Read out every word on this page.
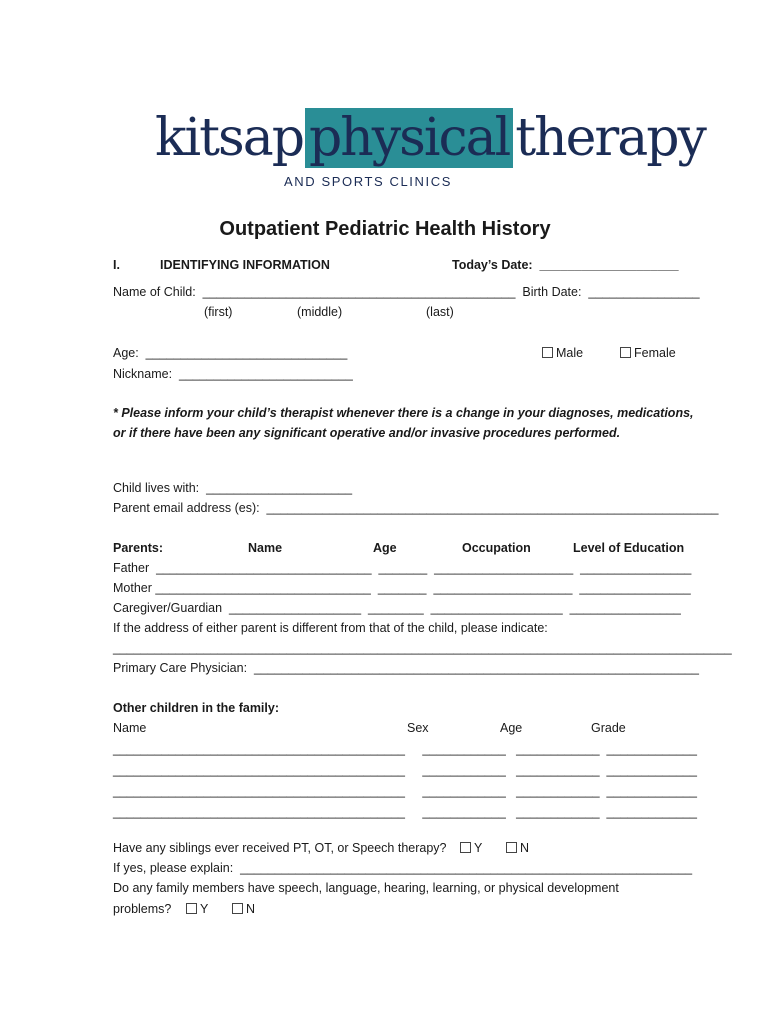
kitsap physical therapy
AND SPORTS CLINICS
Outpatient Pediatric Health History
I.	IDENTIFYING INFORMATION	Today’s Date:  ____________________
Name of Child:  _____________________________________________  Birth Date:  ________________
(first)	(middle)	(last)
Age:  _____________________________	Male	Female
Nickname:  _________________________
* Please inform your child’s therapist whenever there is a change in your diagnoses, medications,
or if there have been any significant operative and/or invasive procedures performed.
Child lives with:  _____________________
Parent email address (es):  _________________________________________________________________
Parents:	Name	Age	Occupation	Level of Education
Father  _______________________________  _______  ____________________  ________________
Mother _______________________________  _______  ____________________  ________________
Caregiver/Guardian  ___________________  ________  ___________________  ________________
If the address of either parent is different from that of the child, please indicate:
_________________________________________________________________________________________
Primary Care Physician:  ________________________________________________________________
Other children in the family:
Name	Sex	Age	Grade
__________________________________________     ____________   ____________  _____________
__________________________________________     ____________   ____________  _____________
__________________________________________     ____________   ____________  _____________
__________________________________________     ____________   ____________  _____________
Have any siblings ever received PT, OT, or Speech therapy?	Y	N
If yes, please explain:  _________________________________________________________________
Do any family members have speech, language, hearing, learning, or physical development
problems?	Y	N
